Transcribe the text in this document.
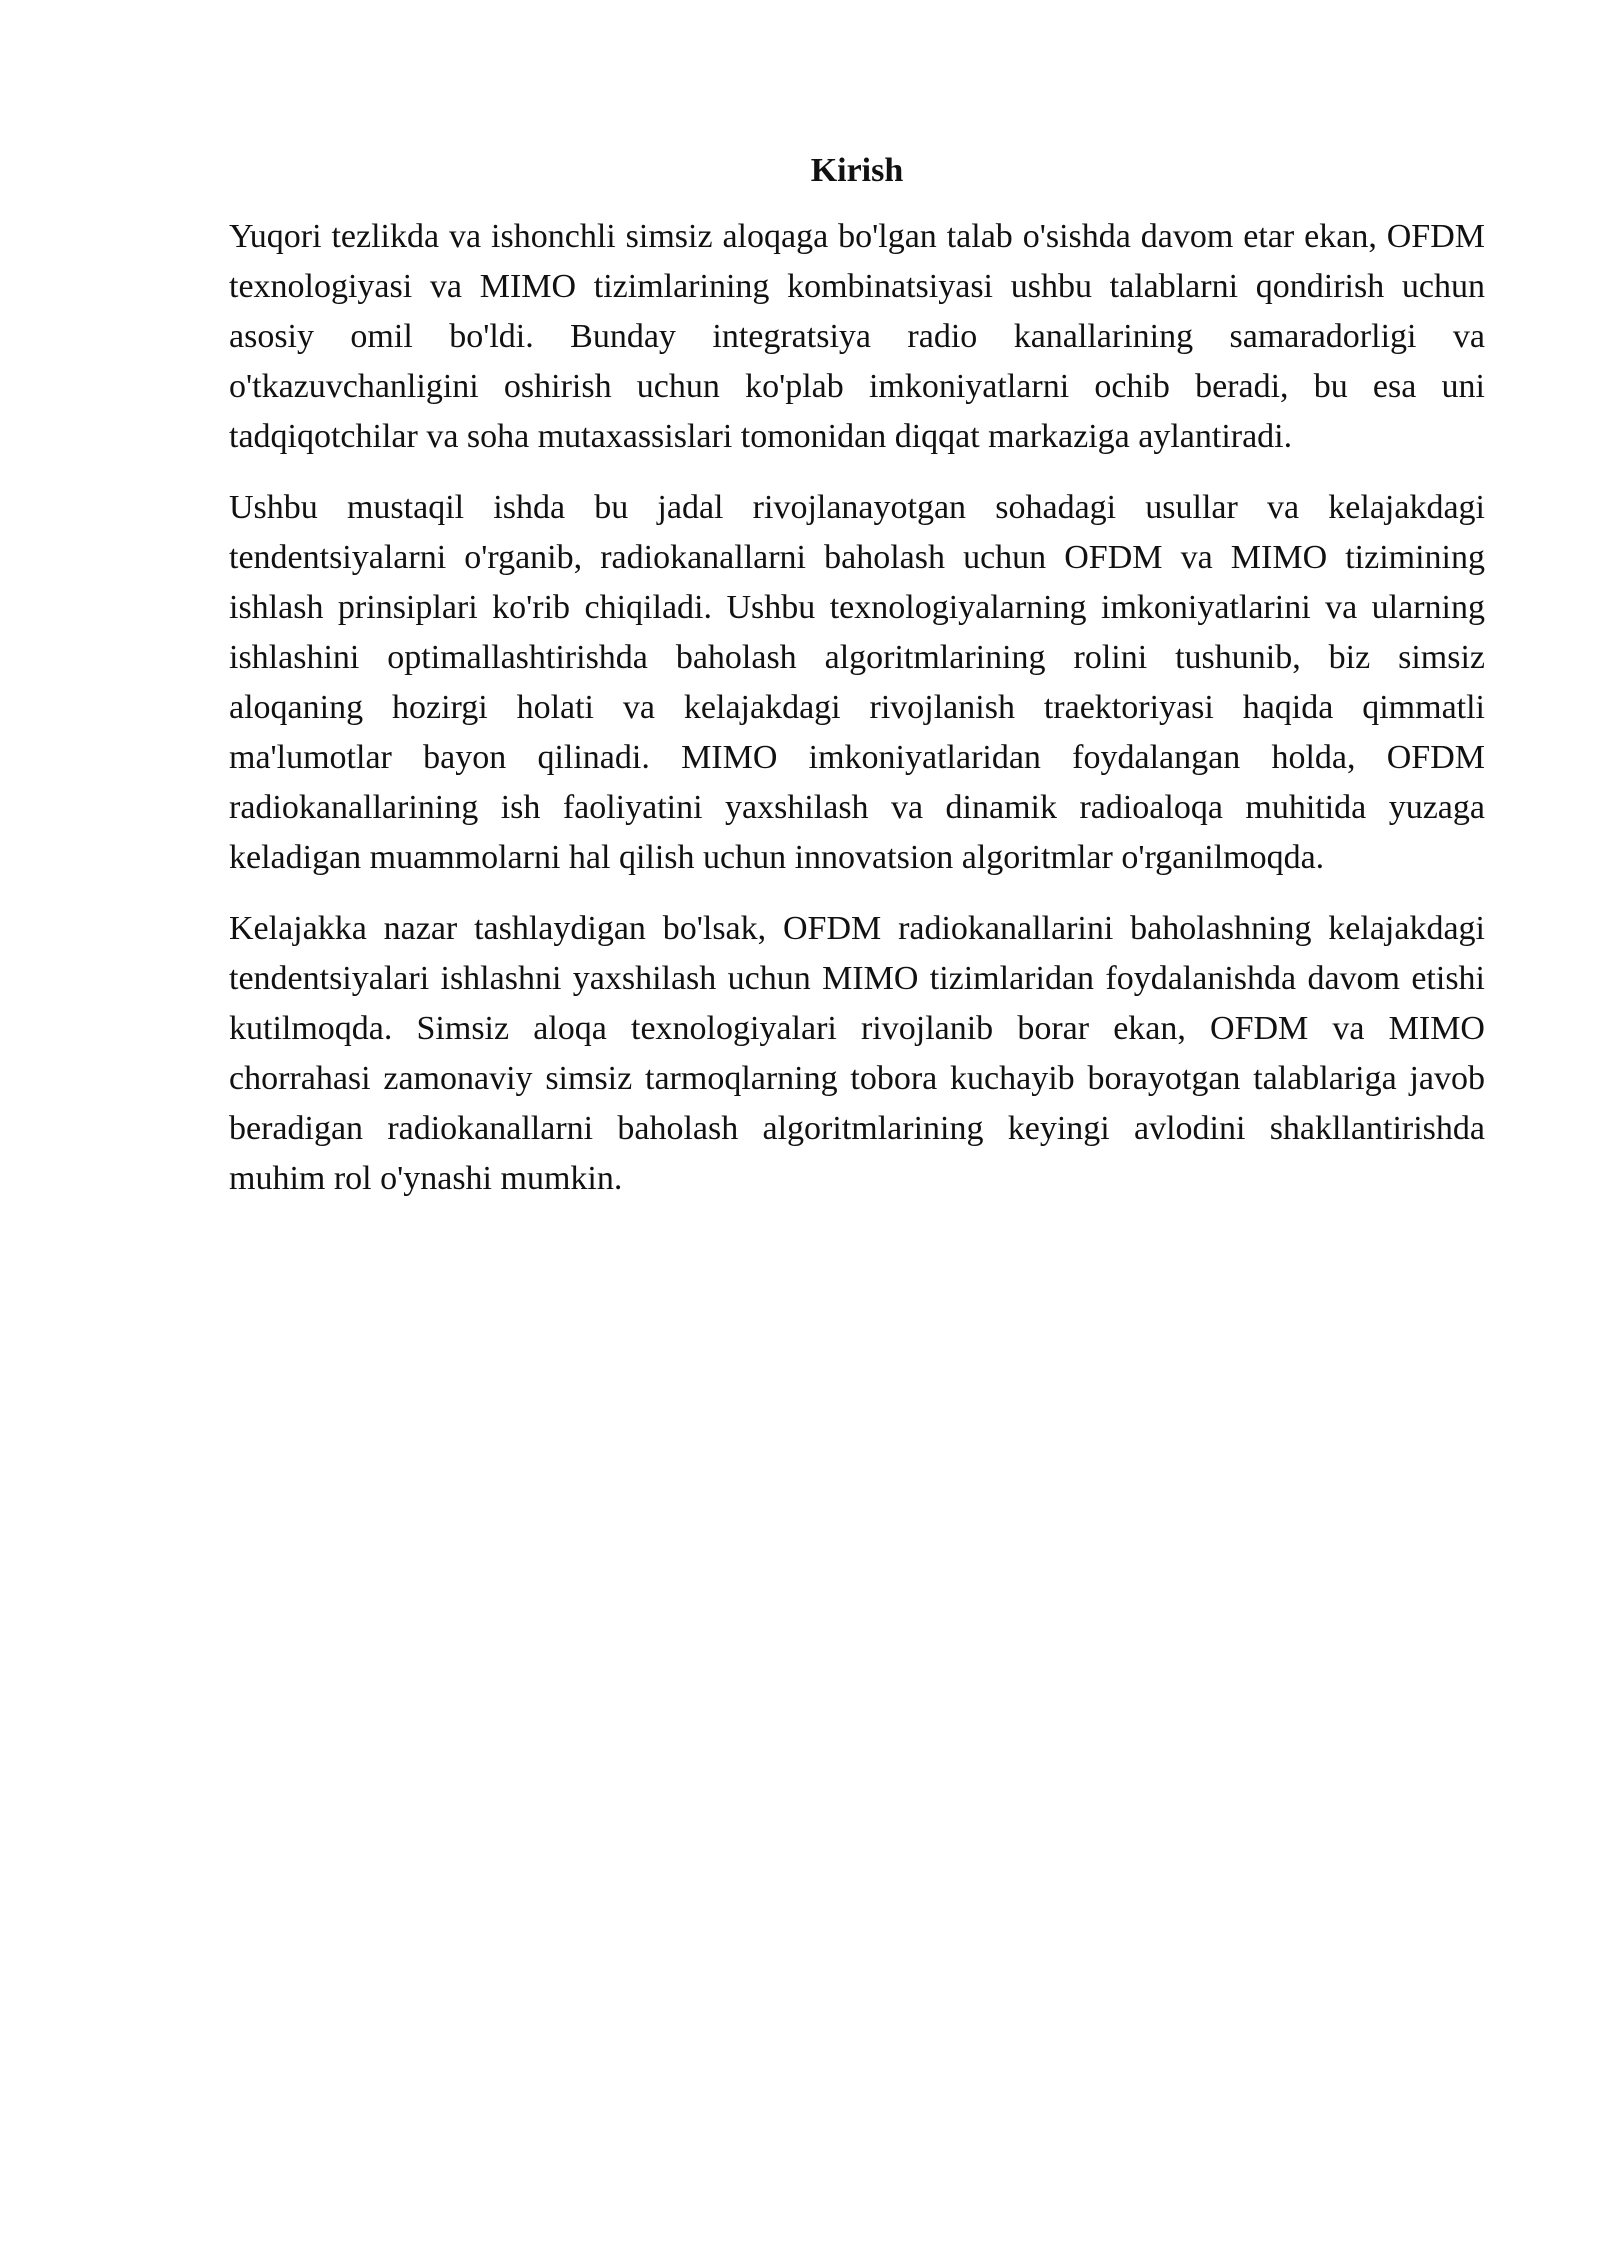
Kirish

Yuqori tezlikda va ishonchli simsiz aloqaga bo'lgan talab o'sishda davom etar ekan, OFDM texnologiyasi va MIMO tizimlarining kombinatsiyasi ushbu talablarni qondirish uchun asosiy omil bo'ldi. Bunday integratsiya radio kanallarining samaradorligi va o'tkazuvchanligini oshirish uchun ko'plab imkoniyatlarni ochib beradi, bu esa uni tadqiqotchilar va soha mutaxassislari tomonidan diqqat markaziga aylantiradi.

Ushbu mustaqil ishda bu jadal rivojlanayotgan sohadagi usullar va kelajakdagi tendentsiyalarni o'rganib, radiokanallarni baholash uchun OFDM va MIMO tizimining ishlash prinsiplari ko'rib chiqiladi. Ushbu texnologiyalarning imkoniyatlarini va ularning ishlashini optimallashtirishda baholash algoritmlarining rolini tushunib, biz simsiz aloqaning hozirgi holati va kelajakdagi rivojlanish traektoriyasi haqida qimmatli ma'lumotlar bayon qilinadi. MIMO imkoniyatlaridan foydalangan holda, OFDM radiokanallarining ish faoliyatini yaxshilash va dinamik radioaloqa muhitida yuzaga keladigan muammolarni hal qilish uchun innovatsion algoritmlar o'rganilmoqda.

Kelajakka nazar tashlaydigan bo'lsak, OFDM radiokanallarini baholashning kelajakdagi tendentsiyalari ishlashni yaxshilash uchun MIMO tizimlaridan foydalanishda davom etishi kutilmoqda. Simsiz aloqa texnologiyalari rivojlanib borar ekan, OFDM va MIMO chorrahasi zamonaviy simsiz tarmoqlarning tobora kuchayib borayotgan talablariga javob beradigan radiokanallarni baholash algoritmlarining keyingi avlodini shakllantirishda muhim rol o'ynashi mumkin.
